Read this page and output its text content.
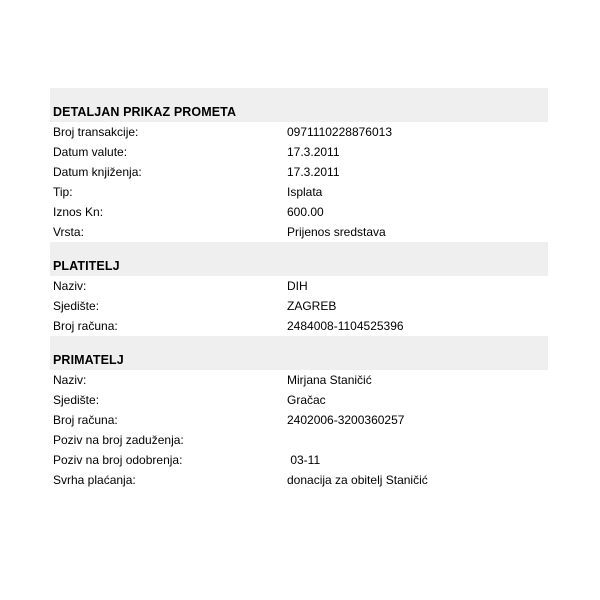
DETALJAN PRIKAZ PROMETA
Broj transakcije:	0971110228876013
Datum valute:	17.3.2011
Datum knjiženja:	17.3.2011
Tip:	Isplata
Iznos Kn:	600.00
Vrsta:	Prijenos sredstava
PLATITELJ
Naziv:	DIH
Sjedište:	ZAGREB
Broj računa:	2484008-1104525396
PRIMATELJ
Naziv:	Mirjana Staničić
Sjedište:	Gračac
Broj računa:	2402006-3200360257
Poziv na broj zaduženja:
Poziv na broj odobrenja:	03-11
Svrha plaćanja:	donacija za obitelj Staničić
